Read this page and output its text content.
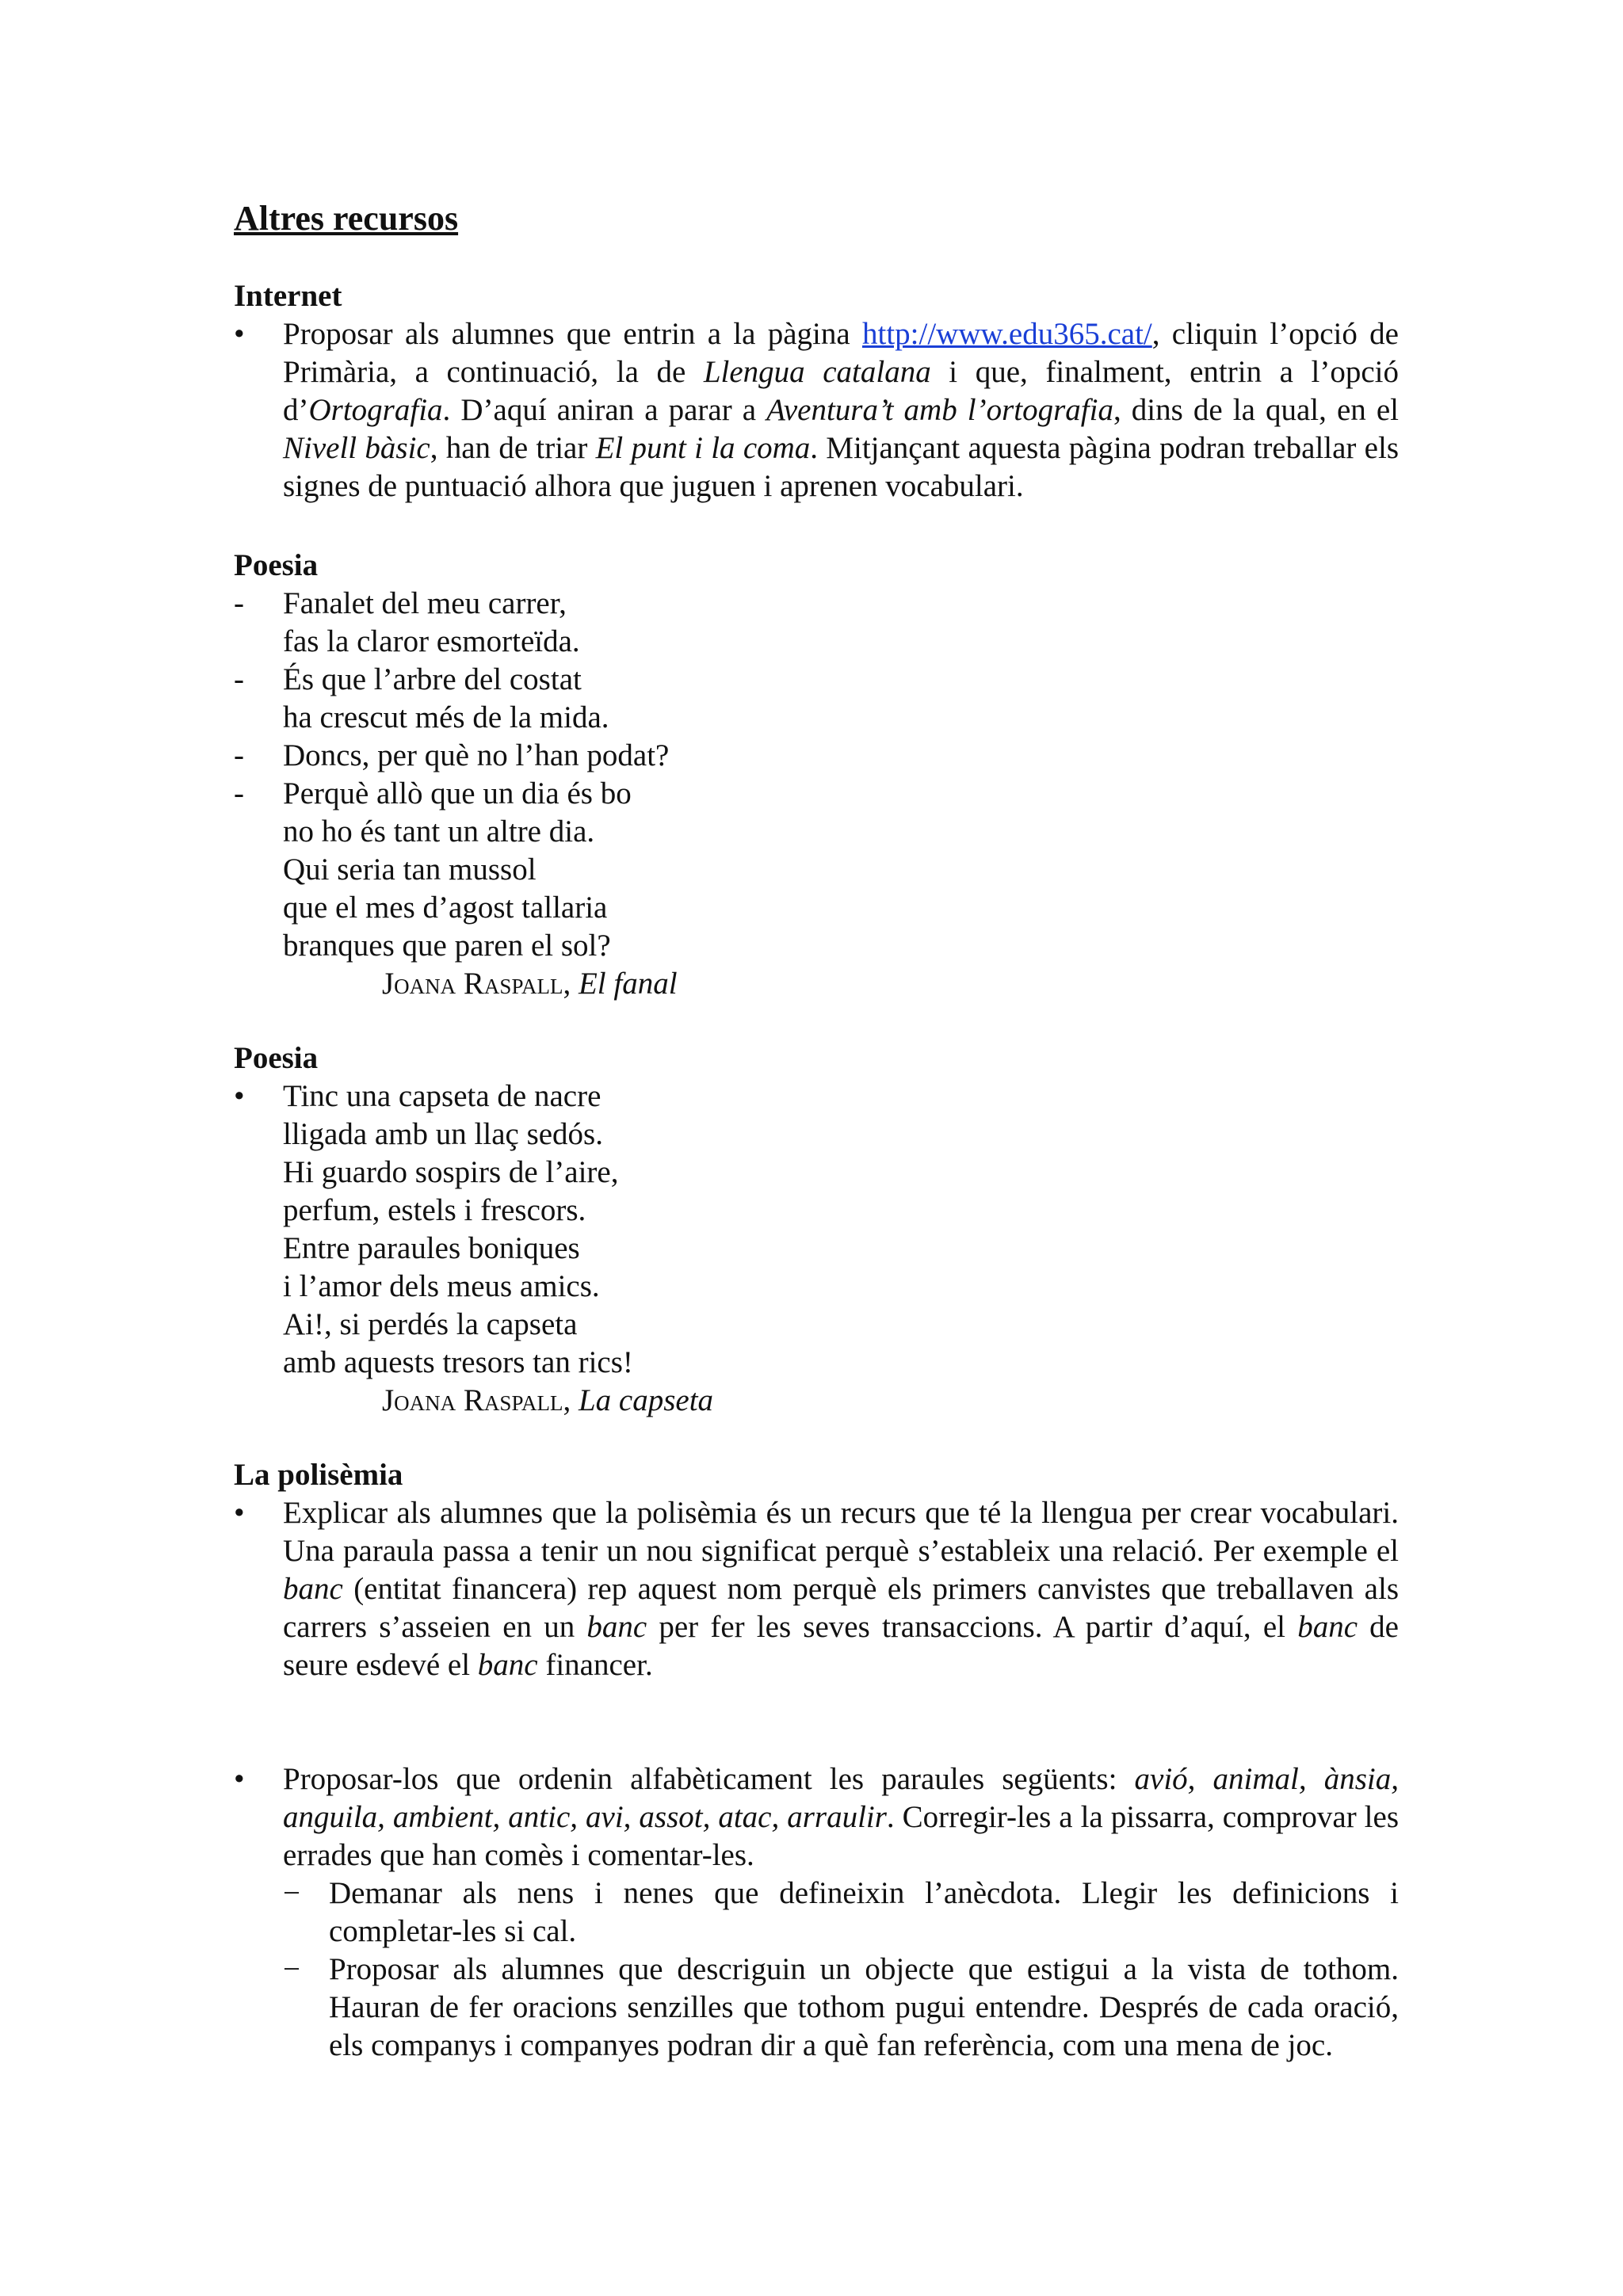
Altres recursos
Internet
• Proposar als alumnes que entrin a la pàgina http://www.edu365.cat/, cliquin l’opció de Primària, a continuació, la de Llengua catalana i que, finalment, entrin a l’opció d’Ortografia. D’aquí aniran a parar a Aventura’t amb l’ortografia, dins de la qual, en el Nivell bàsic, han de triar El punt i la coma. Mitjançant aquesta pàgina podran treballar els signes de puntuació alhora que juguen i aprenen vocabulari.
Poesia
- Fanalet del meu carrer,
fas la claror esmorteïda.
- És que l’arbre del costat
ha crescut més de la mida.
- Doncs, per què no l’han podat?
- Perquè allò que un dia és bo
no ho és tant un altre dia.
Qui seria tan mussol
que el mes d’agost tallaria
branques que paren el sol?
Joana Raspall, El fanal
Poesia
• Tinc una capseta de nacre
lligada amb un llaç sedós.
Hi guardo sospirs de l’aire,
perfum, estels i frescors.
Entre paraules boniques
i l’amor dels meus amics.
Ai!, si perdés la capseta
amb aquests tresors tan rics!
Joana Raspall, La capseta
La polisèmia
• Explicar als alumnes que la polisèmia és un recurs que té la llengua per crear vocabulari. Una paraula passa a tenir un nou significat perquè s’estableix una relació. Per exemple el banc (entitat financera) rep aquest nom perquè els primers canvistes que treballaven als carrers s’asseien en un banc per fer les seves transaccions. A partir d’aquí, el banc de seure esdevé el banc financer.
• Proposar-los que ordenin alfabèticament les paraules següents: avió, animal, ànsia, anguila, ambient, antic, avi, assot, atac, arraulir. Corregir-les a la pissarra, comprovar les errades que han comès i comentar-les.
− Demanar als nens i nenes que defineixin l’anècdota. Llegir les definicions i completar-les si cal.
− Proposar als alumnes que descriguin un objecte que estigui a la vista de tothom. Hauran de fer oracions senzilles que tothom pugui entendre. Després de cada oració, els companys i companyes podran dir a què fan referència, com una mena de joc.
